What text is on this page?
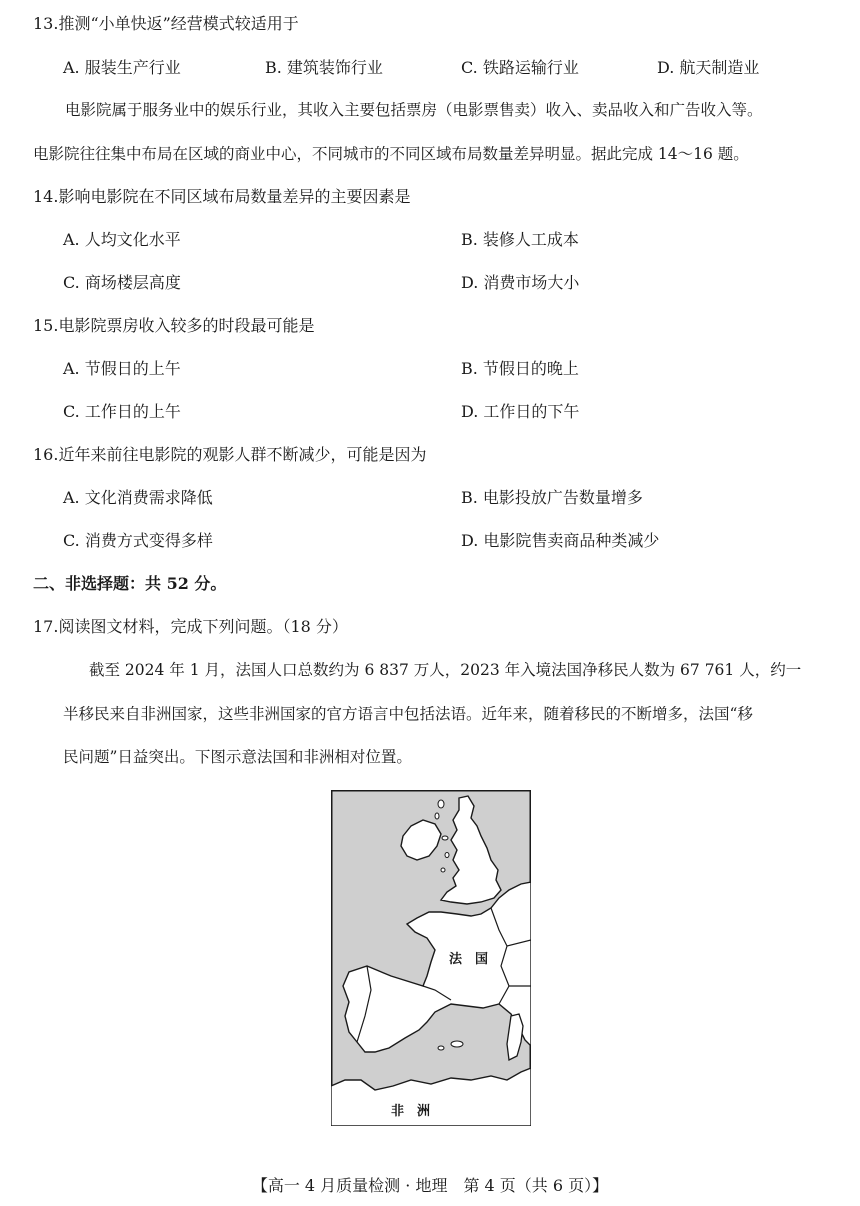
13.推测“小单快返”经营模式较适用于
A. 服装生产行业	B. 建筑装饰行业	C. 铁路运输行业	D. 航天制造业
电影院属于服务业中的娱乐行业，其收入主要包括票房（电影票售卖）收入、卖品收入和广告收入等。
电影院往往集中布局在区域的商业中心，不同城市的不同区域布局数量差异明显。据此完成 14～16 题。
14.影响电影院在不同区域布局数量差异的主要因素是
A. 人均文化水平	B. 装修人工成本
C. 商场楼层高度	D. 消费市场大小
15.电影院票房收入较多的时段最可能是
A. 节假日的上午	B. 节假日的晚上
C. 工作日的上午	D. 工作日的下午
16.近年来前往电影院的观影人群不断减少，可能是因为
A. 文化消费需求降低	B. 电影投放广告数量增多
C. 消费方式变得多样	D. 电影院售卖商品种类减少
二、非选择题：共 52 分。
17.阅读图文材料，完成下列问题。（18 分）
截至 2024 年 1 月，法国人口总数约为 6 837 万人，2023 年入境法国净移民人数为 67 761 人，约一
半移民来自非洲国家，这些非洲国家的官方语言中包括法语。近年来，随着移民的不断增多，法国“移
民问题”日益突出。下图示意法国和非洲相对位置。
法　国
非　洲
【高一 4 月质量检测 · 地理　第 4 页（共 6 页）】
